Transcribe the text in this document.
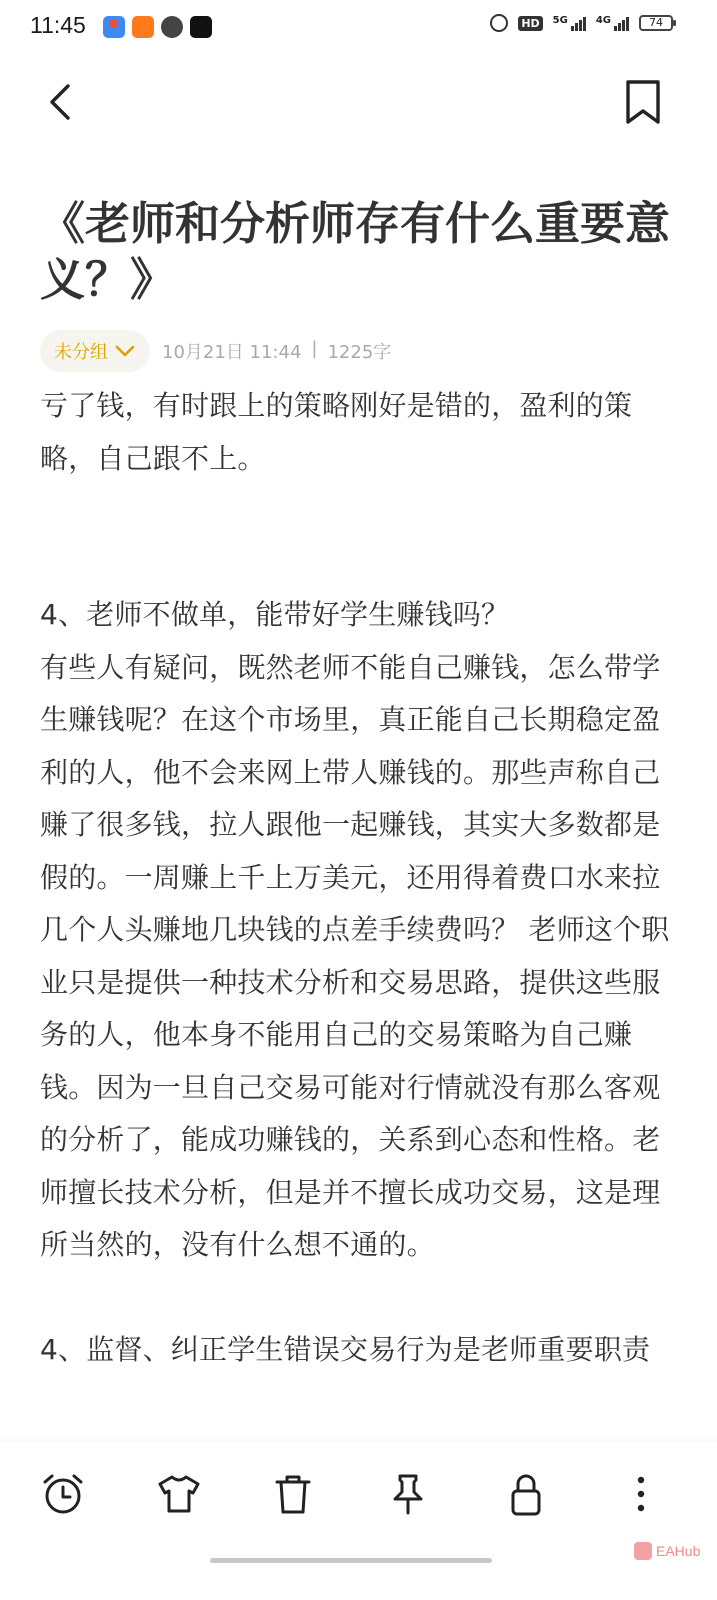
11:45	HD	5G	4G	74
《老师和分析师存有什么重要意义？》
未分组	10月21日 11:44 | 1225字

亏了钱，有时跟上的策略刚好是错的，盈利的策略，自己跟不上。

4、老师不做单，能带好学生赚钱吗？

有些人有疑问，既然老师不能自己赚钱，怎么带学生赚钱呢？在这个市场里，真正能自己长期稳定盈利的人，他不会来网上带人赚钱的。那些声称自己赚了很多钱，拉人跟他一起赚钱，其实大多数都是假的。一周赚上千上万美元，还用得着费口水来拉几个人头赚地几块钱的点差手续费吗？ 老师这个职业只是提供一种技术分析和交易思路，提供这些服务的人，他本身不能用自己的交易策略为自己赚钱。因为一旦自己交易可能对行情就没有那么客观的分析了，能成功赚钱的，关系到心态和性格。老师擅长技术分析，但是并不擅长成功交易，这是理所当然的，没有什么想不通的。

4、监督、纠正学生错误交易行为是老师重要职责

EAHub
